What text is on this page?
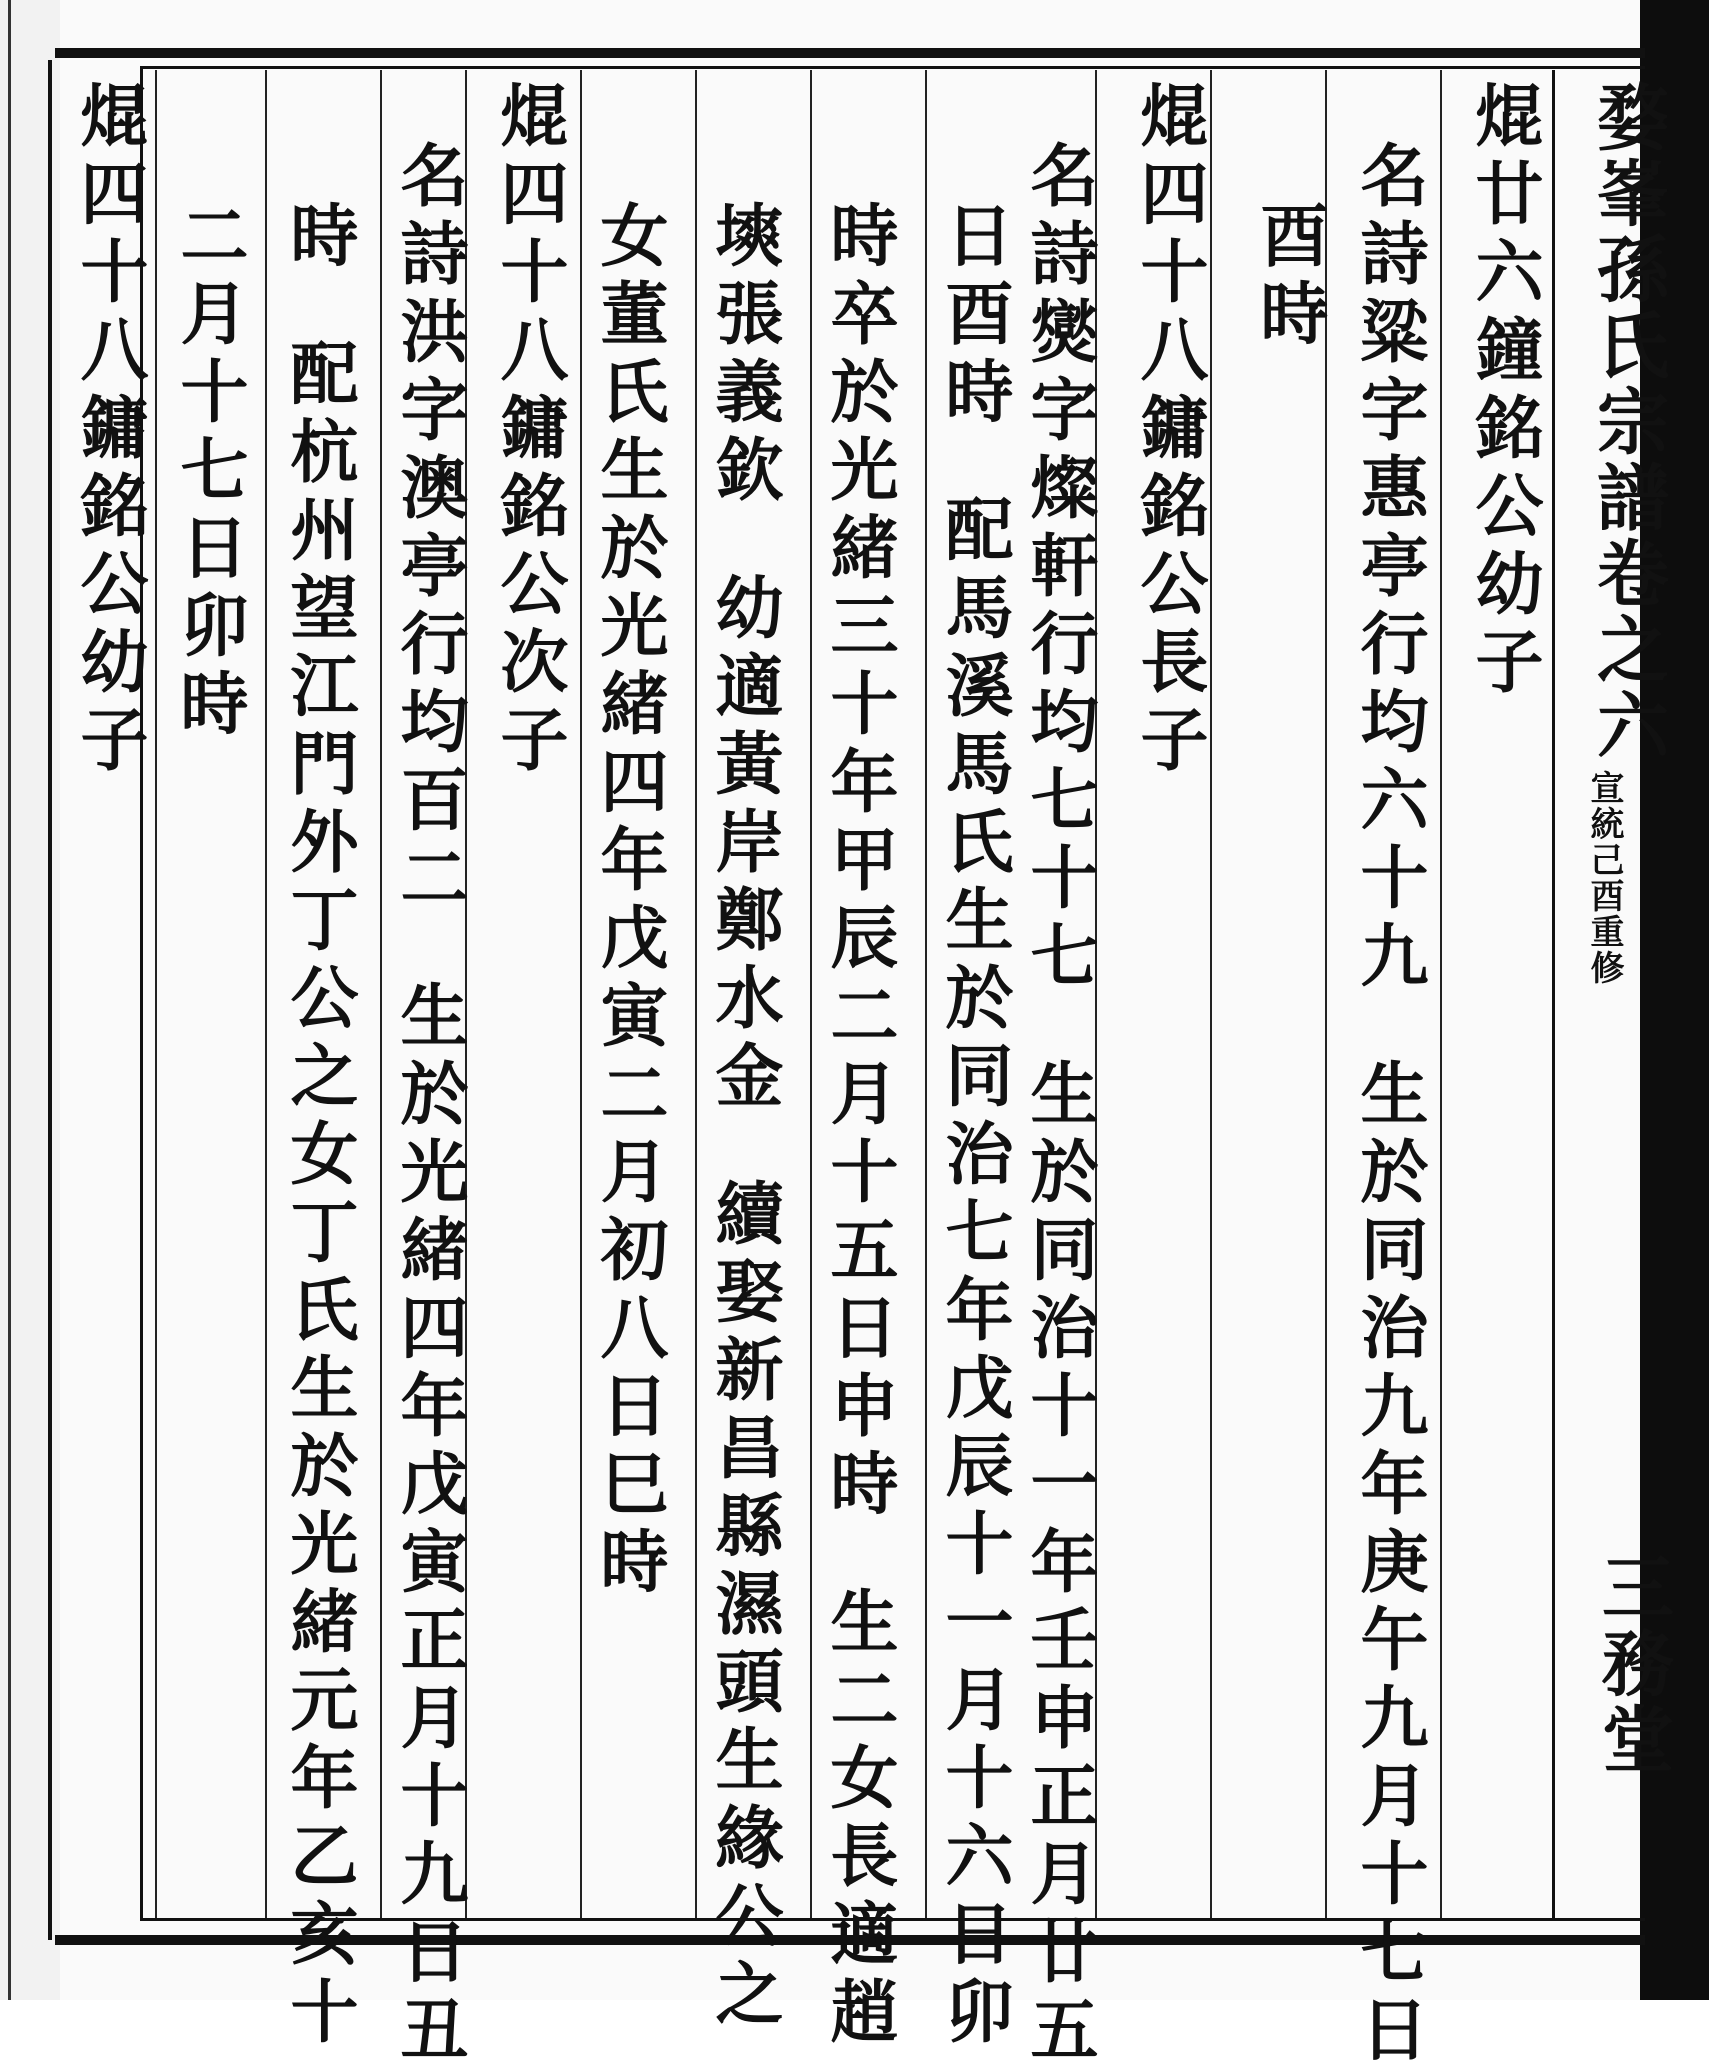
婺峯孫氏宗譜卷之六
宣統己酉重修
三務堂
焜廿六鐘銘公幼子
名詩粱字惠亭行均六十九生於同治九年庚午九月十七日
酉時
焜四十八鏞銘公長子
名詩爕字燦軒行均七十七生於同治十一年壬申正月廿五
日酉時配馬溪馬氏生於同治七年戊辰十一月十六日卯
時卒於光緒三十年甲辰二月十五日申時生二女長適趙
塽張義欽幼適黃岸鄭水金續娶新昌縣濕頭生緣公之
女董氏生於光緒四年戊寅二月初八日巳時
焜四十八鏞銘公次子
名詩洪字澳亭行均百二生於光緒四年戊寅正月十九日丑
時配杭州望江門外丁公之女丁氏生於光緒元年乙亥十
二月十七日卯時
焜四十八鏞銘公幼子
